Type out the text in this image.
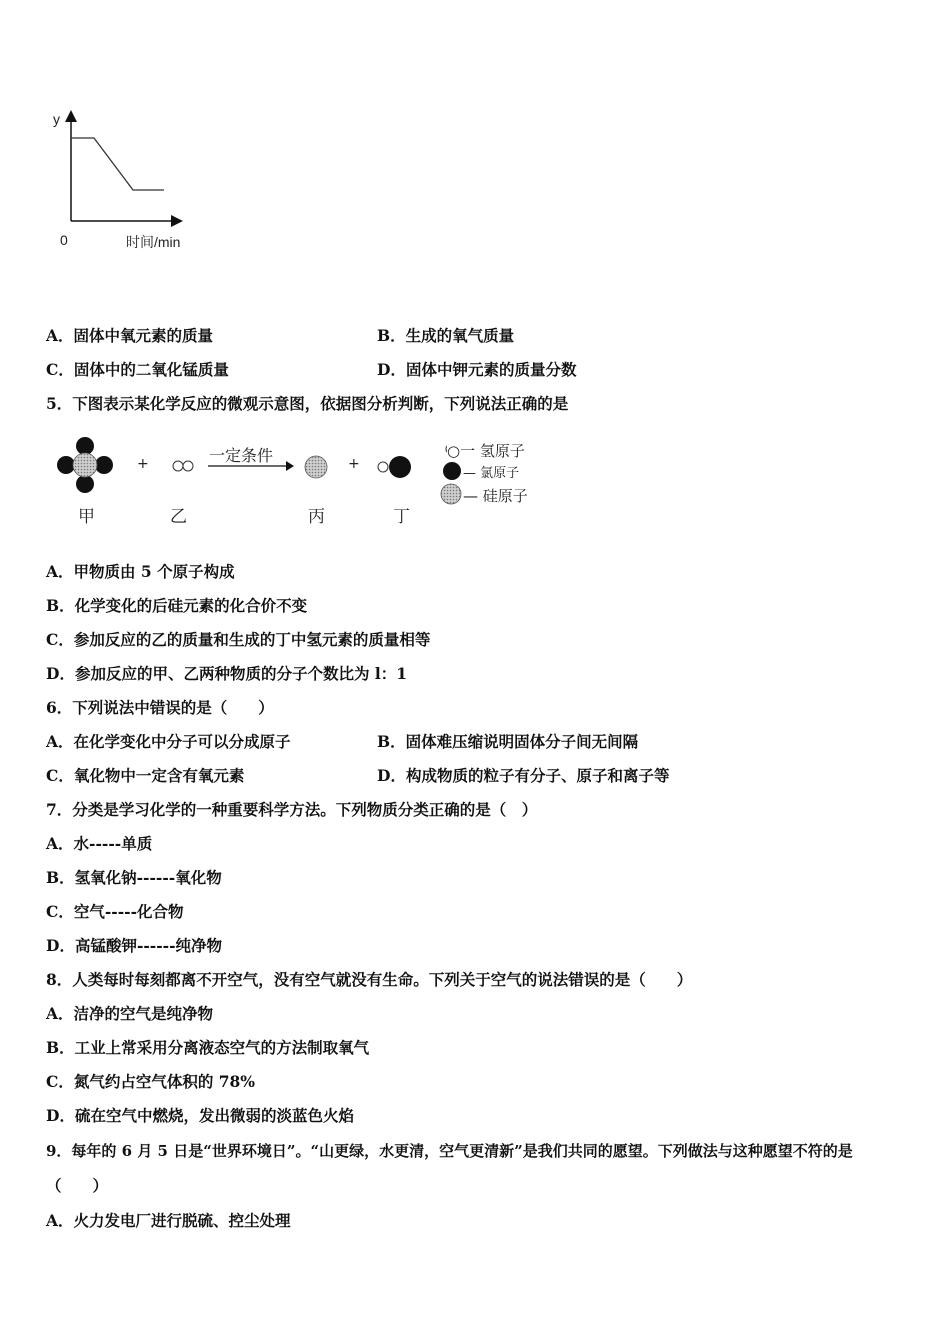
y
0	时间/min
A．固体中氧元素的质量	B．生成的氧气质量
C．固体中的二氧化锰质量	D．固体中钾元素的质量分数
5．下图表示某化学反应的微观示意图，依据图分析判断，下列说法正确的是
+	+
一定条件
甲	乙	丙	丁
○一 氢原子
— 氯原子
— 硅原子
A．甲物质由 5 个原子构成
B．化学变化的后硅元素的化合价不变
C．参加反应的乙的质量和生成的丁中氢元素的质量相等
D．参加反应的甲、乙两种物质的分子个数比为 l：1
6．下列说法中错误的是（　　）
A．在化学变化中分子可以分成原子	B．固体难压缩说明固体分子间无间隔
C．氧化物中一定含有氧元素	D．构成物质的粒子有分子、原子和离子等
7．分类是学习化学的一种重要科学方法。下列物质分类正确的是（　）
A．水-----单质
B．氢氧化钠------氧化物
C．空气-----化合物
D．高锰酸钾------纯净物
8．人类每时每刻都离不开空气，没有空气就没有生命。下列关于空气的说法错误的是（　　）
A．洁净的空气是纯净物
B．工业上常采用分离液态空气的方法制取氧气
C．氮气约占空气体积的 78%
D．硫在空气中燃烧，发出微弱的淡蓝色火焰
9．每年的 6 月 5 日是“世界环境日”。“山更绿，水更清，空气更清新”是我们共同的愿望。下列做法与这种愿望不符的是
（　　）
A．火力发电厂进行脱硫、控尘处理
